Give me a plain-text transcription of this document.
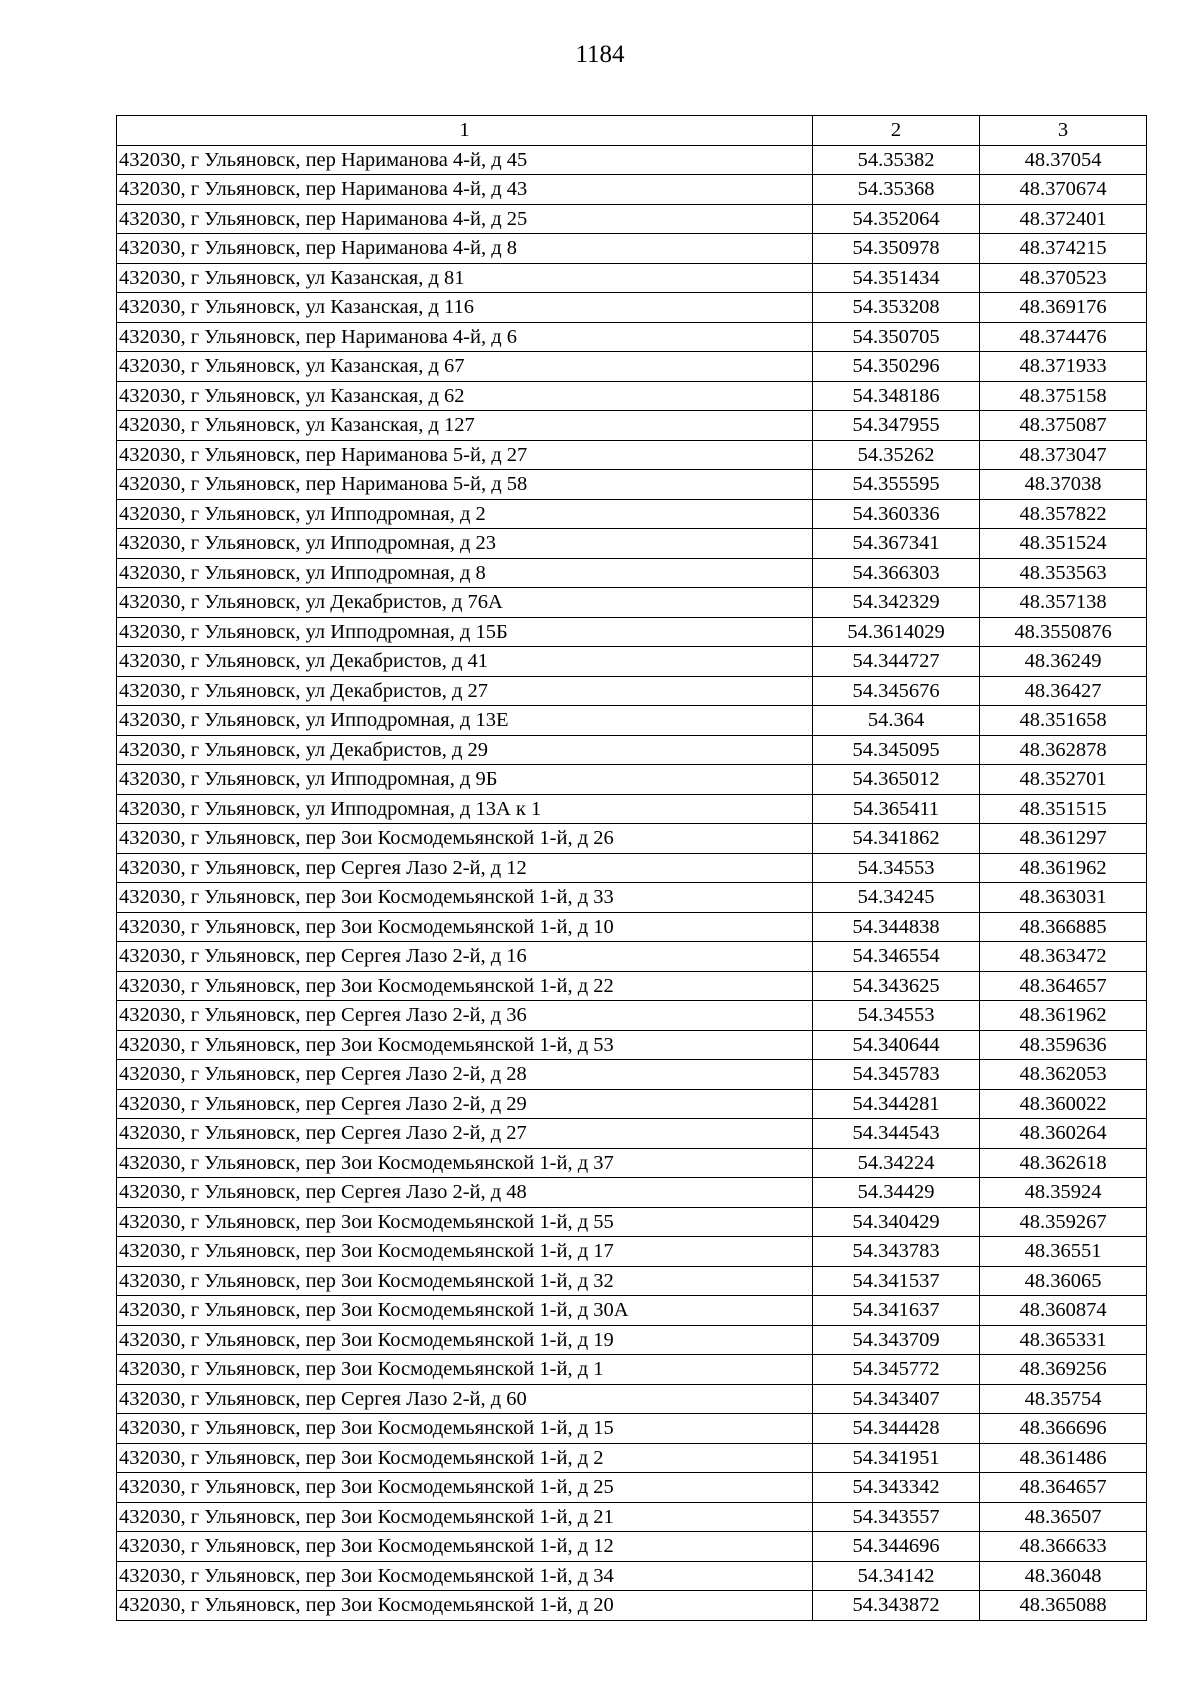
1184
1	2	3
432030, г Ульяновск, пер Нариманова 4-й, д 45	54.35382	48.37054
432030, г Ульяновск, пер Нариманова 4-й, д 43	54.35368	48.370674
432030, г Ульяновск, пер Нариманова 4-й, д 25	54.352064	48.372401
432030, г Ульяновск, пер Нариманова 4-й, д 8	54.350978	48.374215
432030, г Ульяновск, ул Казанская, д 81	54.351434	48.370523
432030, г Ульяновск, ул Казанская, д 116	54.353208	48.369176
432030, г Ульяновск, пер Нариманова 4-й, д 6	54.350705	48.374476
432030, г Ульяновск, ул Казанская, д 67	54.350296	48.371933
432030, г Ульяновск, ул Казанская, д 62	54.348186	48.375158
432030, г Ульяновск, ул Казанская, д 127	54.347955	48.375087
432030, г Ульяновск, пер Нариманова 5-й, д 27	54.35262	48.373047
432030, г Ульяновск, пер Нариманова 5-й, д 58	54.355595	48.37038
432030, г Ульяновск, ул Ипподромная, д 2	54.360336	48.357822
432030, г Ульяновск, ул Ипподромная, д 23	54.367341	48.351524
432030, г Ульяновск, ул Ипподромная, д 8	54.366303	48.353563
432030, г Ульяновск, ул Декабристов, д 76А	54.342329	48.357138
432030, г Ульяновск, ул Ипподромная, д 15Б	54.3614029	48.3550876
432030, г Ульяновск, ул Декабристов, д 41	54.344727	48.36249
432030, г Ульяновск, ул Декабристов, д 27	54.345676	48.36427
432030, г Ульяновск, ул Ипподромная, д 13Е	54.364	48.351658
432030, г Ульяновск, ул Декабристов, д 29	54.345095	48.362878
432030, г Ульяновск, ул Ипподромная, д 9Б	54.365012	48.352701
432030, г Ульяновск, ул Ипподромная, д 13А к 1	54.365411	48.351515
432030, г Ульяновск, пер Зои Космодемьянской 1-й, д 26	54.341862	48.361297
432030, г Ульяновск, пер Сергея Лазо 2-й, д 12	54.34553	48.361962
432030, г Ульяновск, пер Зои Космодемьянской 1-й, д 33	54.34245	48.363031
432030, г Ульяновск, пер Зои Космодемьянской 1-й, д 10	54.344838	48.366885
432030, г Ульяновск, пер Сергея Лазо 2-й, д 16	54.346554	48.363472
432030, г Ульяновск, пер Зои Космодемьянской 1-й, д 22	54.343625	48.364657
432030, г Ульяновск, пер Сергея Лазо 2-й, д 36	54.34553	48.361962
432030, г Ульяновск, пер Зои Космодемьянской 1-й, д 53	54.340644	48.359636
432030, г Ульяновск, пер Сергея Лазо 2-й, д 28	54.345783	48.362053
432030, г Ульяновск, пер Сергея Лазо 2-й, д 29	54.344281	48.360022
432030, г Ульяновск, пер Сергея Лазо 2-й, д 27	54.344543	48.360264
432030, г Ульяновск, пер Зои Космодемьянской 1-й, д 37	54.34224	48.362618
432030, г Ульяновск, пер Сергея Лазо 2-й, д 48	54.34429	48.35924
432030, г Ульяновск, пер Зои Космодемьянской 1-й, д 55	54.340429	48.359267
432030, г Ульяновск, пер Зои Космодемьянской 1-й, д 17	54.343783	48.36551
432030, г Ульяновск, пер Зои Космодемьянской 1-й, д 32	54.341537	48.36065
432030, г Ульяновск, пер Зои Космодемьянской 1-й, д 30А	54.341637	48.360874
432030, г Ульяновск, пер Зои Космодемьянской 1-й, д 19	54.343709	48.365331
432030, г Ульяновск, пер Зои Космодемьянской 1-й, д 1	54.345772	48.369256
432030, г Ульяновск, пер Сергея Лазо 2-й, д 60	54.343407	48.35754
432030, г Ульяновск, пер Зои Космодемьянской 1-й, д 15	54.344428	48.366696
432030, г Ульяновск, пер Зои Космодемьянской 1-й, д 2	54.341951	48.361486
432030, г Ульяновск, пер Зои Космодемьянской 1-й, д 25	54.343342	48.364657
432030, г Ульяновск, пер Зои Космодемьянской 1-й, д 21	54.343557	48.36507
432030, г Ульяновск, пер Зои Космодемьянской 1-й, д 12	54.344696	48.366633
432030, г Ульяновск, пер Зои Космодемьянской 1-й, д 34	54.34142	48.36048
432030, г Ульяновск, пер Зои Космодемьянской 1-й, д 20	54.343872	48.365088
